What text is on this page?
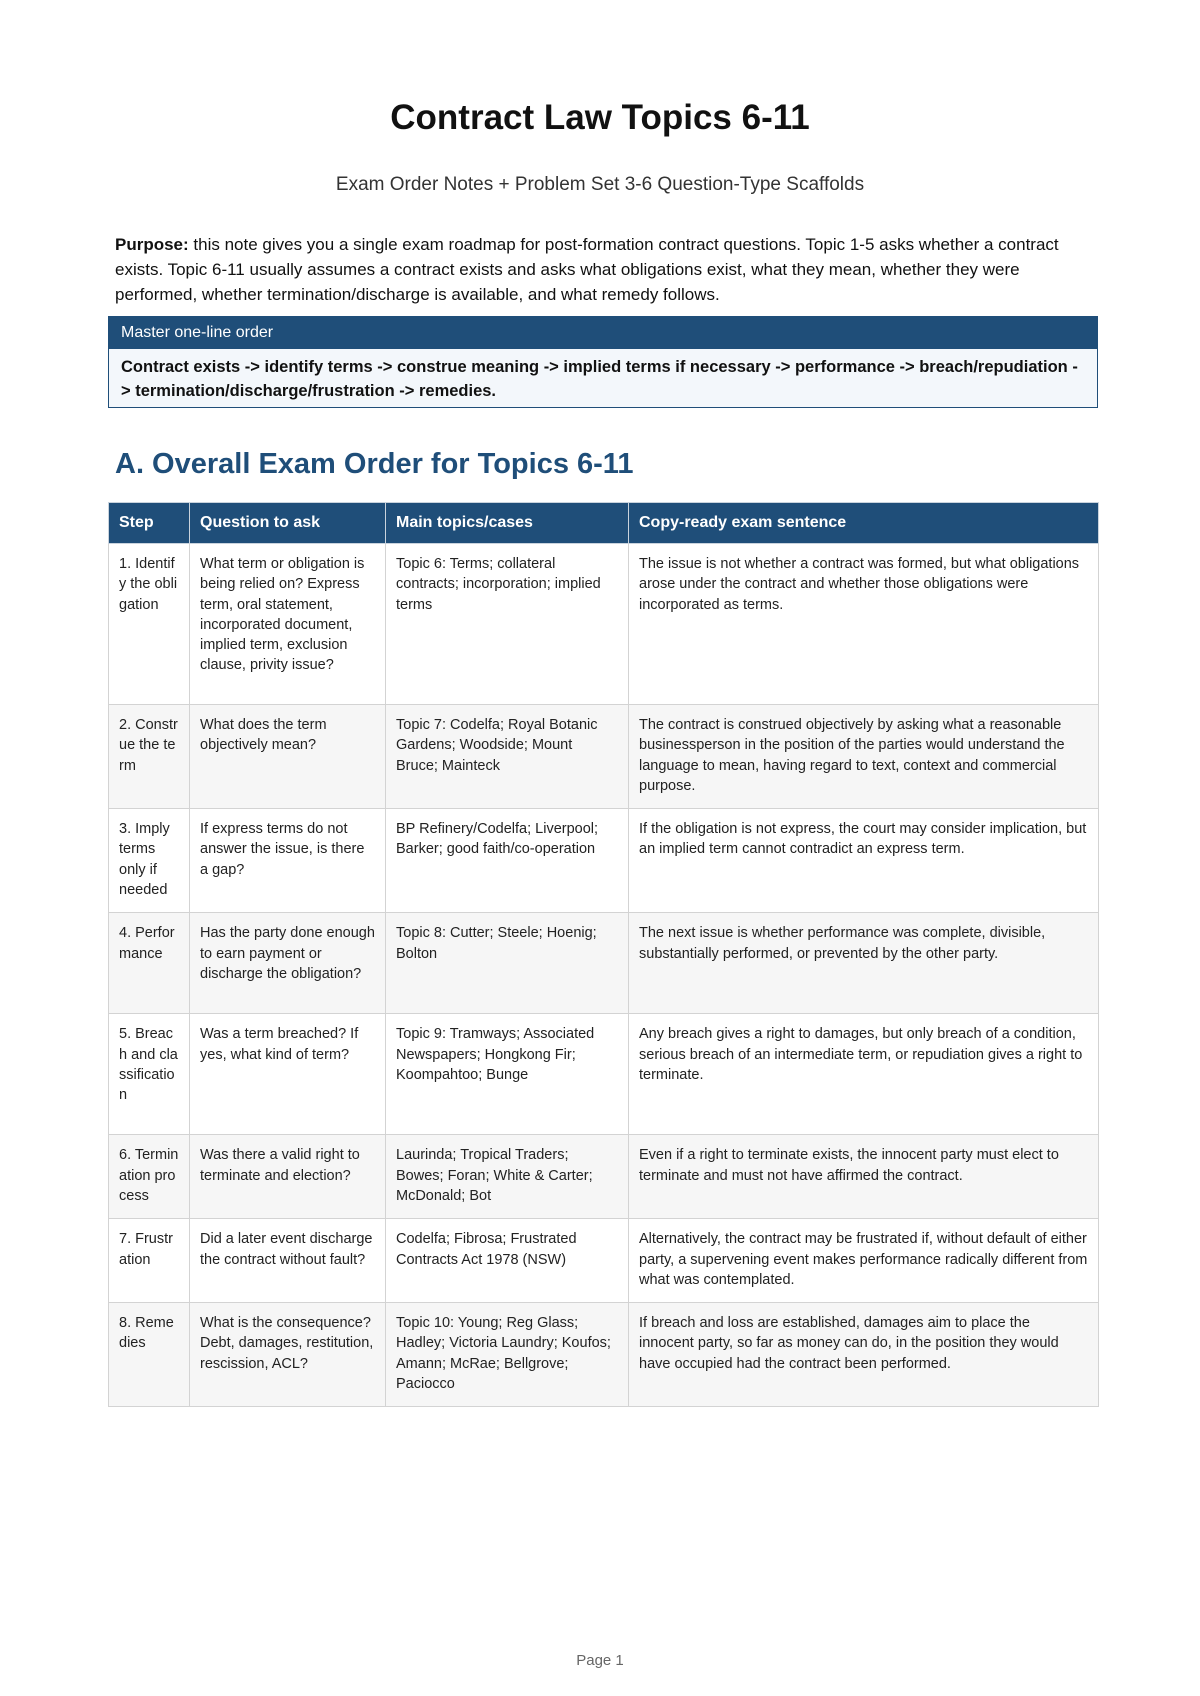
Contract Law Topics 6-11
Exam Order Notes + Problem Set 3-6 Question-Type Scaffolds
Purpose: this note gives you a single exam roadmap for post-formation contract questions. Topic 1-5 asks whether a contract exists. Topic 6-11 usually assumes a contract exists and asks what obligations exist, what they mean, whether they were performed, whether termination/discharge is available, and what remedy follows.
Master one-line order
Contract exists -> identify terms -> construe meaning -> implied terms if necessary -> performance -> breach/repudiation -> termination/discharge/frustration -> remedies.
A. Overall Exam Order for Topics 6-11
Step	Question to ask	Main topics/cases	Copy-ready exam sentence
1. Identify the obligation	What term or obligation is being relied on? Express term, oral statement, incorporated document, implied term, exclusion clause, privity issue?	Topic 6: Terms; collateral contracts; incorporation; implied terms	The issue is not whether a contract was formed, but what obligations arose under the contract and whether those obligations were incorporated as terms.
2. Construe the term	What does the term objectively mean?	Topic 7: Codelfa; Royal Botanic Gardens; Woodside; Mount Bruce; Mainteck	The contract is construed objectively by asking what a reasonable businessperson in the position of the parties would understand the language to mean, having regard to text, context and commercial purpose.
3. Imply terms only if needed	If express terms do not answer the issue, is there a gap?	BP Refinery/Codelfa; Liverpool; Barker; good faith/co-operation	If the obligation is not express, the court may consider implication, but an implied term cannot contradict an express term.
4. Performance	Has the party done enough to earn payment or discharge the obligation?	Topic 8: Cutter; Steele; Hoenig; Bolton	The next issue is whether performance was complete, divisible, substantially performed, or prevented by the other party.
5. Breach and classification	Was a term breached? If yes, what kind of term?	Topic 9: Tramways; Associated Newspapers; Hongkong Fir; Koompahtoo; Bunge	Any breach gives a right to damages, but only breach of a condition, serious breach of an intermediate term, or repudiation gives a right to terminate.
6. Termination process	Was there a valid right to terminate and election?	Laurinda; Tropical Traders; Bowes; Foran; White & Carter; McDonald; Bot	Even if a right to terminate exists, the innocent party must elect to terminate and must not have affirmed the contract.
7. Frustration	Did a later event discharge the contract without fault?	Codelfa; Fibrosa; Frustrated Contracts Act 1978 (NSW)	Alternatively, the contract may be frustrated if, without default of either party, a supervening event makes performance radically different from what was contemplated.
8. Remedies	What is the consequence? Debt, damages, restitution, rescission, ACL?	Topic 10: Young; Reg Glass; Hadley; Victoria Laundry; Koufos; Amann; McRae; Bellgrove; Paciocco	If breach and loss are established, damages aim to place the innocent party, so far as money can do, in the position they would have occupied had the contract been performed.
Page 1
